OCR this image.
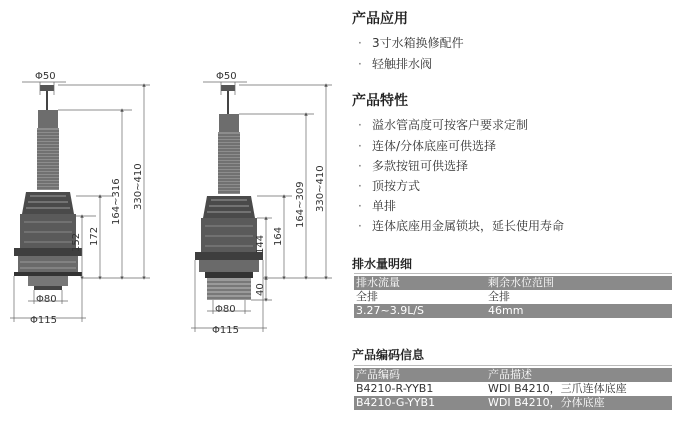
Φ50
152 172
164~316 330~410
Φ80
Φ115
Φ50
144 164
164~309 330~410
40
Φ80
Φ115
产品应用
· 3寸水箱换修配件
· 轻触排水阀
产品特性
· 溢水管高度可按客户要求定制
· 连体/分体底座可供选择
· 多款按钮可供选择
· 顶按方式
· 单排
· 连体底座用金属锁块，延长使用寿命
排水量明细
排水流量	剩余水位范围
全排	全排
3.27~3.9L/S	46mm
产品编码信息
产品编码	产品描述
B4210-R-YYB1	WDI B4210，三爪连体底座
B4210-G-YYB1	WDI B4210，分体底座
